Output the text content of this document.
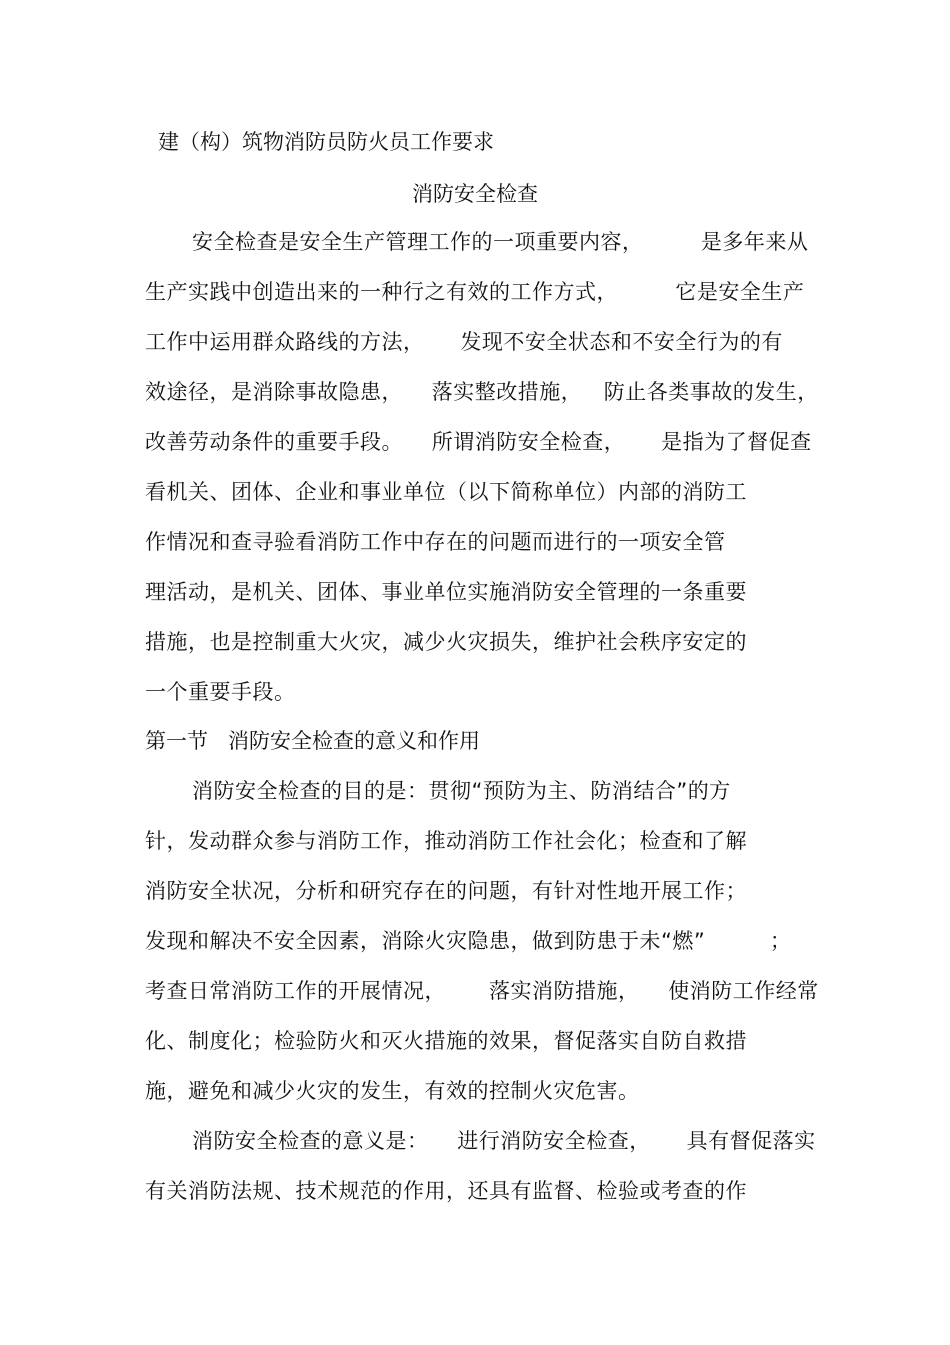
建（构）筑物消防员防火员工作要求
消防安全检查
安全检查是安全生产管理工作的一项重要内容，        是多年来从
生产实践中创造出来的一种行之有效的工作方式，        它是安全生产
工作中运用群众路线的方法，     发现不安全状态和不安全行为的有
效途径，是消除事故隐患，    落实整改措施，   防止各类事故的发生，
改善劳动条件的重要手段。    所谓消防安全检查，     是指为了督促查
看机关、团体、企业和事业单位（以下简称单位）内部的消防工
作情况和查寻验看消防工作中存在的问题而进行的一项安全管
理活动，是机关、团体、事业单位实施消防安全管理的一条重要
措施，也是控制重大火灾，减少火灾损失，维护社会秩序安定的
一个重要手段。
第一节   消防安全检查的意义和作用
消防安全检查的目的是：贯彻“预防为主、防消结合”的方
针，发动群众参与消防工作，推动消防工作社会化；检查和了解
消防安全状况，分析和研究存在的问题，有针对性地开展工作；
发现和解决不安全因素，消除火灾隐患，做到防患于未“燃”         ；
考查日常消防工作的开展情况，      落实消防措施，    使消防工作经常
化、制度化；检验防火和灭火措施的效果，督促落实自防自救措
施，避免和减少火灾的发生，有效的控制火灾危害。
消防安全检查的意义是：    进行消防安全检查，     具有督促落实
有关消防法规、技术规范的作用，还具有监督、检验或考查的作
